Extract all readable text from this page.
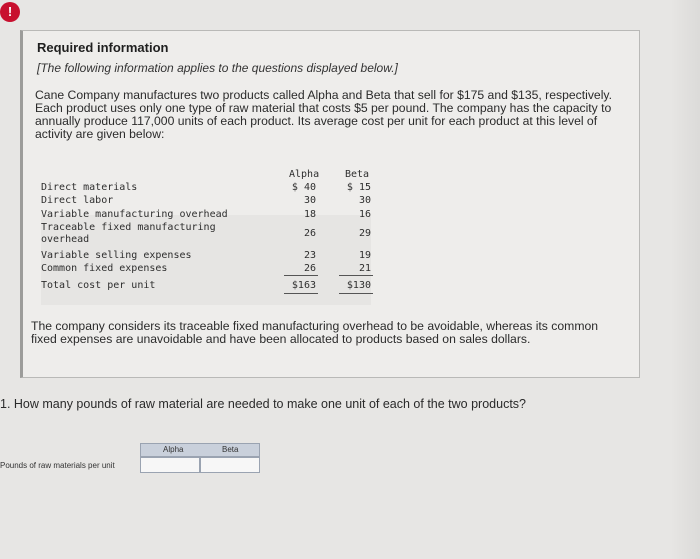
!
Required information
[The following information applies to the questions displayed below.]
Cane Company manufactures two products called Alpha and Beta that sell for $175 and $135, respectively. Each product uses only one type of raw material that costs $5 per pound. The company has the capacity to annually produce 117,000 units of each product. Its average cost per unit for each product at this level of activity are given below:
Alpha	Beta
Direct materials	$ 40	$ 15
Direct labor	30	30
Variable manufacturing overhead	18	16
Traceable fixed manufacturing overhead
26	29
Variable selling expenses	23	19
Common fixed expenses	26	21
Total cost per unit	$163	$130
The company considers its traceable fixed manufacturing overhead to be avoidable, whereas its common fixed expenses are unavoidable and have been allocated to products based on sales dollars.
1. How many pounds of raw material are needed to make one unit of each of the two products?
Alpha	Beta
Pounds of raw materials per unit
